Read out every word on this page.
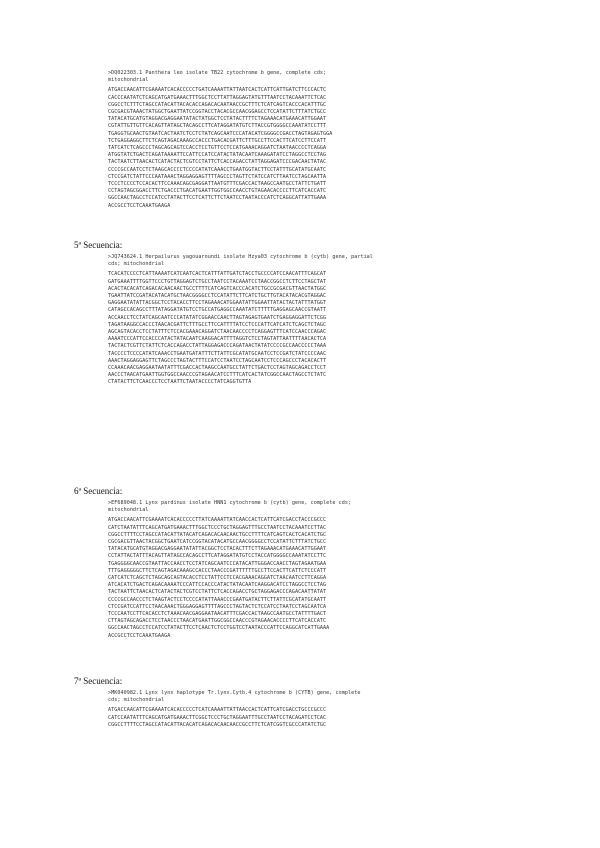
>DQ022303.1 Panthera leo isolate TB22 cytochrome b gene, complete cds;
mitochondrial

ATGACCAACATTCGAAAATCACACCCCCTGATCAAAATTATTAATCACTCATTCATTGATCTTCCCACTC
CACCCAATATCTCAGCATGATGAAACTTTGGCTCCTTATTAGGAGTATGTTTAATCCTACAAATTCTCAC
CGGCCTCTTTCTAGCCATACATTACACACCAGACACAATAACCGCTTTCTCATCAGTCACCCACATTTGC
CGCGACGTAAACTATGGCTGAATTATCCGGTACCTACACGCCAACGGAGCCTCCATATTCTTTATCTGCC
TATACATGCATGTAGGACGAGGAATATACTATGGCTCCTATACTTTTCTAGAAACATGAAACATTGGAAT
CGTATTGTTGTTCACAGTTATAGCTACAGCCTTCATAGGATATGTCTTACCGTGGGGCCAAATATCCTTT
TGAGGTGCAACTGTAATCACTAATCTCCTCTATCAGCAATCCCATACATCGGGGCCGACCTAGTAGAGTGGA
TCTGAGGAGGCTTCTCAGTAGACAAAGCCACCCTGACACGATTCTTTGCCTTCCACTTCATCCTTCCATT
TATCATCTCAGCCCTAGCAGCAGTCCACCTCCTGTTCCTCCATGAAACAGGATCTAATAACCCCTCAGGA
ATGGTATCTGACTCAGATAAAATTCCATTCCATCCATACTATACAATCAAAGATATCCTAGGCCTCCTAG
TACTAATCTTAACACTCATACTACTCGTCCTATTCTCACCAGACCTATTAGGAGATCCCGACAACTATAC
CCCCGCCAATCCTCTAAGCACCCCTCCCCATATCAAACCTGAATGGTACTTCCTATTTGCATATGCAATC
CTCCGATCTATTCCCAATAAACTAGGAGGAGTTTTAGCCCTAGTTCTATCCATCTTAATCCTAGCAATTA
TCCCTCCCCTCCACACTTCCAAACAGCGAGGATTAATGTTTCGACCACTAAGCCAATGCCTATTCTGATT
CCTAGTAGCGGACCTTCTGACCCTGACATGAATTGGTGGCCAACCTGTAGAACACCCCTTCATCACCATC
GGCCAACTAGCCTCCATCCTATACTTCCTCATTCTTCTAATCCTAATACCCATCTCAGGCATTATTGAAA
ACCGCCTCCTCAAATGAAGA

5ª Secuencia:

>JQ743624.1 Herpailurus yagouaroundi isolate Hzya03 cytochrome b (cytb) gene, partial
cds; mitochondrial

TCACATCCCCTCATTAAAATCATCAATCACTCATTTATTGATCTACCTGCCCCATCCAACATTTCAGCAT
GATGAAATTTTGGTTCCCTGTTAGGAGTCTGCCTAATCCTACAAATCCTAACCGGCCTCTTCCTAGCTAT
ACACTACACATCAGACACAACAACTGCCTTTTCATCAGTCACCCACATCTGCCGCGACGTTAACTATGGC
TGAATTATCCGATACATACATGCTAACGGGGCCTCCATATTCTTCATCTGCTTGTACATACACGTAGGAC
GAGGAATATATTACGGCTCCTACACCTTCCTAGAAACATGGAATATTGGAATTATACTACTATTTATGGT
CATAGCCACAGCCTTTATAGGATATGTCCTGCCATGAGGCCAAATATCTTTTTGAGGAGCAACCGTAATT
ACCAACCTCCTATCAGCAATCCCATATATCGGAACCAACTTAGTAGAGTGAATCTGAGGAGGATTCTCGG
TAGATAAGGCCACCCTAACACGATTCTTTGCCTTCCATTTTATCCTCCCATTCATCATCTCAGCTCTAGC
AGCAGTACACCTCCTATTTCTCCACGAAACAGGATCTAACAACCCCTCAGGAGTTTCATCCAACCCAGAC
AAAATCCCATTCCACCCATACTATACAATCAAGGACATTTTAGGTCTCCTAGTATTAATTTTAACACTCA
TACTACTCGTTCTATTCTCACCAGACCTATTAGGAGACCCAGATAACTATATCCCCGCCAACCCCCTAAA
TACCCCTCCCCATATCAAACCTGAATGATATTTCTTATTCGCATATGCAATCCTCCGATCTATCCCCAAC
AAACTAGGAGGAGTTCTAGCCCTAGTACTTTCCATCCTAATCCTAGCAATCCTCCCAGCCCTACACACTT
CCAAACAACGAGGAATAATATTTCGACCACTAAGCCAATGCCTATTCTGACTCCTAGTAGCAGACCTCCT
AACCCTAACATGAATTGGTGGCCAACCCGTAGAACATCCTTTCATCACTATCGGCCAACTAGCCTCTATC
CTATACTTCTCAACCCTCCTAATTCTAATACCCCTATCAGGTGTTA

6ª Secuencia:

>EF689048.1 Lynx pardinus isolate HNN1 cytochrome b (cytb) gene, complete cds;
mitochondrial

ATGACCAACATTCGAAAATCACACCCCCTTATCAAAATTATCAACCACTCATTCATCGACCTACCCGCCC
CATCTAATATTTCAGCATGATGAAACTTTGGCTCCCTGCTAGGAGTTTGCCTAATCCTACAAATCCTTAC
CGGCCTTTTCCTAGCCATACATTATACATCAGACACAACAACTGCCTTTTCATCAGTCACTCACATCTGC
CGCGACGTTAACTACGGCTGAATCATCCGGTACATACATGCCAACGGGGCCTCCATATTCTTTATCTGCC
TATACATGCATGTAGGACGAGGAATATATTACGGCTCCTACACTTTCTTAGAAACATGAAACATTGGAAT
CCTATTACTATTTACAGTTATAGCCACAGCCTTCATAGGATATGTCCTACCATGGGGCCAAATATCCTTC
TGAGGGGCAACCGTAATTACCAACCTCCTATCAGCAATCCCATACATTGGGACCAACCTAGTAGAATGAA
TTTGAGGGGGCTTCTCAGTAGACAAAGCCACCCTAACCCGATTTTTTGCCTTCCACTTCATTCTCCCATT
CATCATCTCAGCTCTAGCAGCAGTACACCTCCTATTCCTCCACGAAACAGGATCTAACAATCCTTCAGGA
ATCACATCTGACTCAGACAAAATCCCATTCCACCCATACTATACAATCAAGGACATCCTAGGCCTCCTAG
TACTAATTCTAACACTCATACTACTCGTCCTATTCTCACCAGACCTGCTAGGAGACCCAGACAATTATAT
CCCCGCCAACCCTCTAAGTACTCCTCCCCATATTAAACCCGAATGATACTTCTTATTCGCATATGCAATT
CTCCGATCCATTCCTAACAAACTGGGAGGAGTTTTAGCCCTAGTACTCTCCATCCTAATCCTAGCAATCA
TCCCAATCCTTCACACCTCTAAACAACGAGGAATAACATTTCGACCACTAAGCCAATGCCTATTTTGACT
CTTAGTAGCAGACCTCCTAACCCTAACATGAATTGGCGGCCAACCCGTAGAACACCCCTTCATCACCATC
GGCCAACTAGCCTCCATCCTATACTTCCTCAACTCTCCTGGTCCTAATACCCATTCCAGGCATCATTGAAA
ACCGCCTCCTCAAATGAAGA

7ª Secuencia:

>MK040982.1 Lynx lynx haplotype Tr.lynx.Cytb.4 cytochrome b (CYTB) gene, complete
cds; mitochondrial

ATGACCAACATTCGAAAATCACACCCCCTCATCAAAATTATTAACCACTCATTCATCGACCTGCCCGCCC
CATCCAATATTTCAGCATGATGAAACTTCGGCTCCCTGCTAGGAATTTGCCTAATCCTACAGATCCTCAC
CGGCCTTTTCCTAGCCATACATTACACATCAGACACAACAACCGCCTTCTCATCGGTCGCCCATATCTGC
